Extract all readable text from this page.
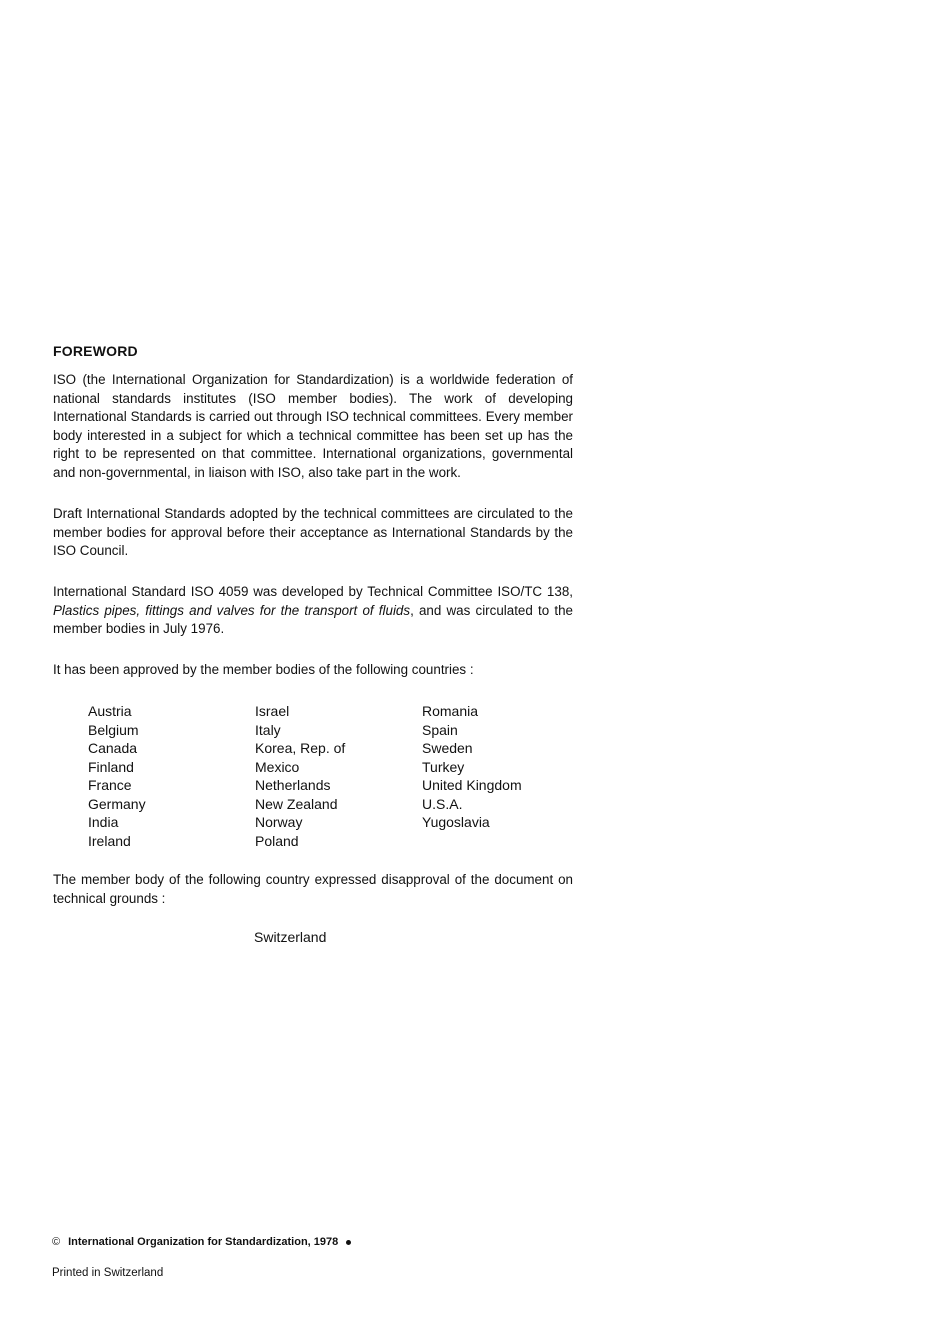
FOREWORD

ISO (the International Organization for Standardization) is a worldwide federation of national standards institutes (ISO member bodies). The work of developing International Standards is carried out through ISO technical committees. Every member body interested in a subject for which a technical committee has been set up has the right to be represented on that committee. International organizations, governmental and non-governmental, in liaison with ISO, also take part in the work.

Draft International Standards adopted by the technical committees are circulated to the member bodies for approval before their acceptance as International Standards by the ISO Council.

International Standard ISO 4059 was developed by Technical Committee ISO/TC 138, Plastics pipes, fittings and valves for the transport of fluids, and was circulated to the member bodies in July 1976.

It has been approved by the member bodies of the following countries :

Austria
Belgium
Canada
Finland
France
Germany
India
Ireland
Israel
Italy
Korea, Rep. of
Mexico
Netherlands
New Zealand
Norway
Poland
Romania
Spain
Sweden
Turkey
United Kingdom
U.S.A.
Yugoslavia

The member body of the following country expressed disapproval of the document on technical grounds :

Switzerland
© International Organization for Standardization, 1978
Printed in Switzerland
